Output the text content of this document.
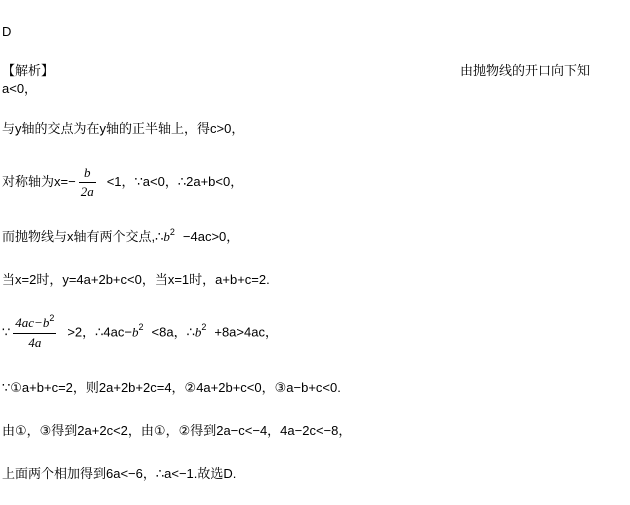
D
【解析】	由抛物线的开口向下知
a<0，
与y轴的交点为在y轴的正半轴上，得c>0，
对称轴为$x=- \frac{b}{2a} <1$，∵a<0，∴2a+b<0，
而抛物线与x轴有两个交点$,\therefore b^2 -4ac>0$，
当x=2时，y=4a+2b+c<0，当x=1时，a+b+c=2.
∵ $\frac{4ac-b^2}{4a} >2$，$\therefore 4ac-b^2 <8a$，$\therefore b^2 +8a>4ac$，
∵①a+b+c=2，则2a+2b+2c=4，②4a+2b+c<0，③a−b+c<0.
由①，③得到2a+2c<2，由①，②得到2a−c<−4，4a−2c<−8，
上面两个相加得到6a<−6，∴a<−1.故选D.
